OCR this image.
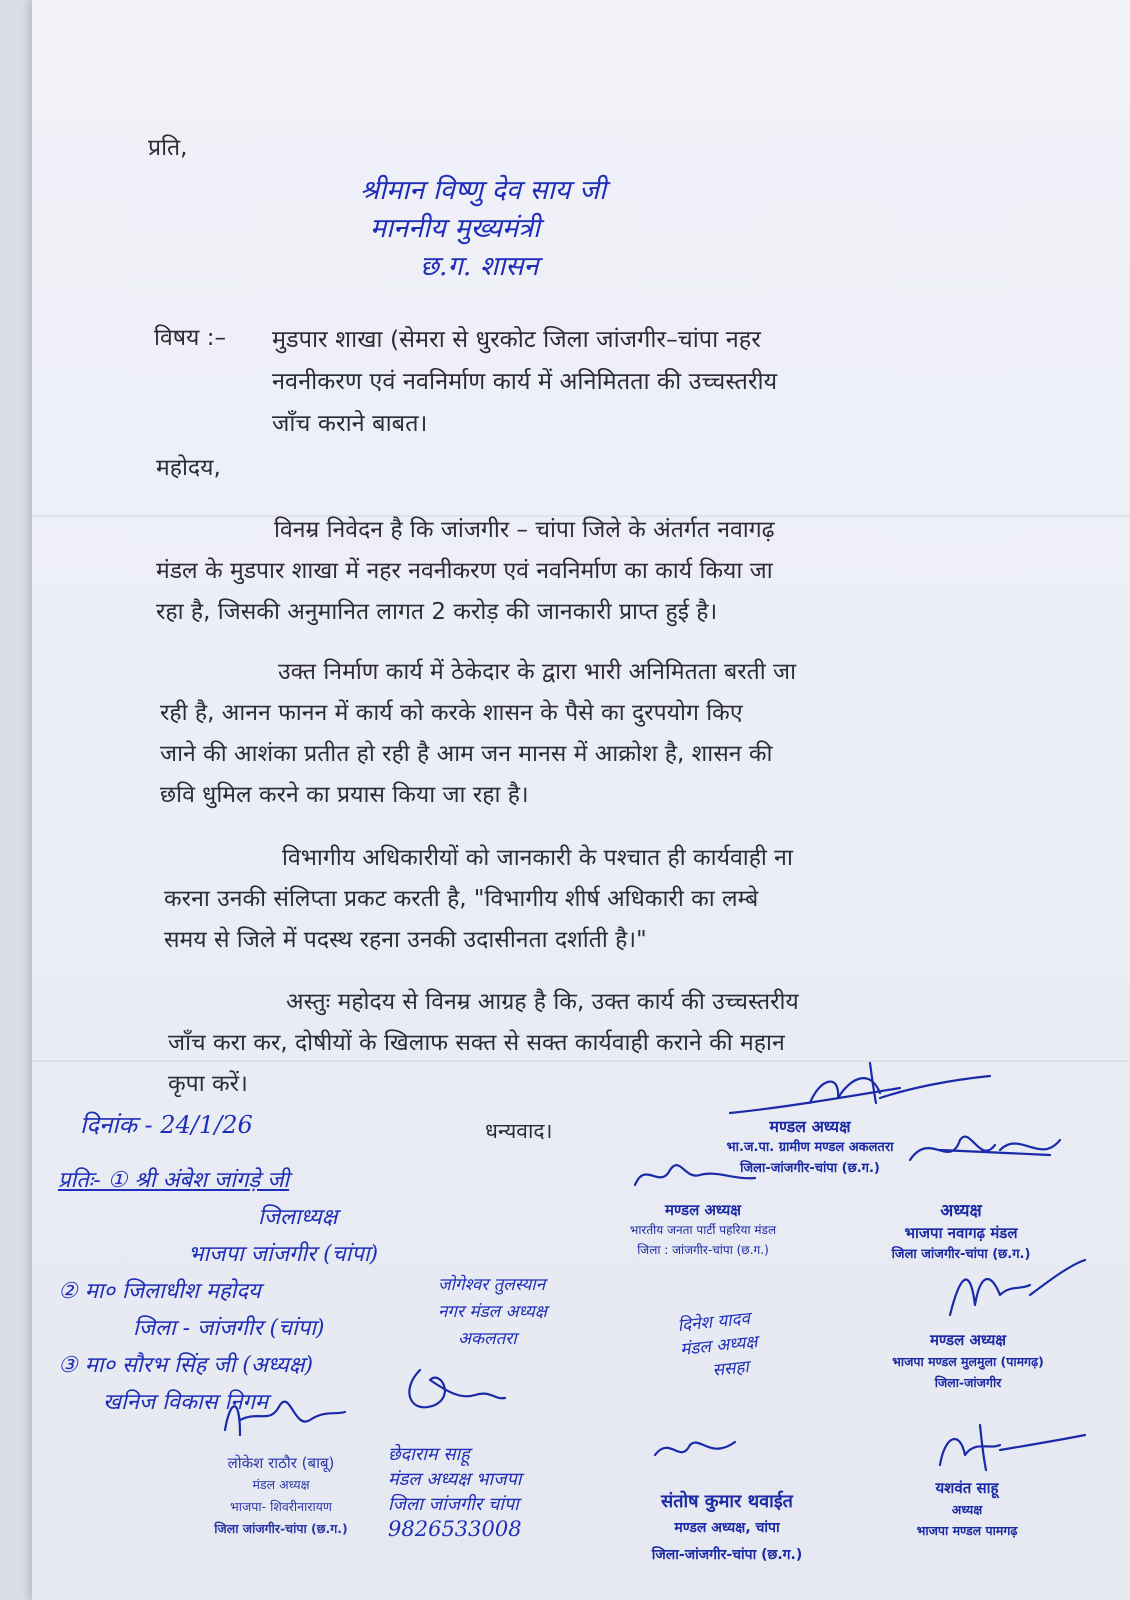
प्रति,
श्रीमान विष्णु देव साय जी
माननीय मुख्यमंत्री
छ.ग. शासन
विषय :– मुडपार शाखा (सेमरा से धुरकोट जिला जांजगीर–चांपा नहर
नवनीकरण एवं नवनिर्माण कार्य में अनिमितता की उच्चस्तरीय
जाँच कराने बाबत।
महोदय,
विनम्र निवेदन है कि जांजगीर – चांपा जिले के अंतर्गत नवागढ़
मंडल के मुडपार शाखा में नहर नवनीकरण एवं नवनिर्माण का कार्य किया जा
रहा है, जिसकी अनुमानित लागत 2 करोड़ की जानकारी प्राप्त हुई है।
उक्त निर्माण कार्य में ठेकेदार के द्वारा भारी अनिमितता बरती जा
रही है, आनन फानन में कार्य को करके शासन के पैसे का दुरपयोग किए
जाने की आशंका प्रतीत हो रही है आम जन मानस में आक्रोश है, शासन की
छवि धुमिल करने का प्रयास किया जा रहा है।
विभागीय अधिकारीयों को जानकारी के पश्चात ही कार्यवाही ना
करना उनकी संलिप्ता प्रकट करती है, "विभागीय शीर्ष अधिकारी का लम्बे
समय से जिले में पदस्थ रहना उनकी उदासीनता दर्शाती है।"
अस्तुः महोदय से विनम्र आग्रह है कि, उक्त कार्य की उच्चस्तरीय
जाँच करा कर, दोषीयों के खिलाफ सक्त से सक्त कार्यवाही कराने की महान
कृपा करें।
दिनांक - 24/1/26	धन्यवाद।
प्रतिः- ① श्री अंबेश जांगड़े जी
जिलाध्यक्ष
भाजपा जांजगीर (चांपा)
② मा० जिलाधीश महोदय
जिला - जांजगीर (चांपा)
③ मा० सौरभ सिंह जी (अध्यक्ष)
खनिज विकास निगम
जोगेश्वर तुलस्यान
नगर मंडल अध्यक्ष
अकलतरा
दिनेश यादव
मंडल अध्यक्ष
ससहा
छेदाराम साहू
मंडल अध्यक्ष भाजपा
जिला जांजगीर चांपा
9826533008
मण्डल अध्यक्ष
भा.ज.पा. ग्रामीण मण्डल अकलतरा
जिला-जांजगीर-चांपा (छ.ग.)
मण्डल अध्यक्ष
भारतीय जनता पार्टी पहरिया मंडल
जिला : जांजगीर-चांपा (छ.ग.)
अध्यक्ष
भाजपा नवागढ़ मंडल
जिला जांजगीर-चांपा (छ.ग.)
मण्डल अध्यक्ष
भाजपा मण्डल मुलमुला (पामगढ़)
जिला-जांजगीर
लोकेश राठौर (बाबू)
मंडल अध्यक्ष
भाजपा- शिवरीनारायण
जिला जांजगीर-चांपा (छ.ग.)
संतोष कुमार थवाईत
मण्डल अध्यक्ष, चांपा
जिला-जांजगीर-चांपा (छ.ग.)
यशवंत साहू
अध्यक्ष
भाजपा मण्डल पामगढ़
